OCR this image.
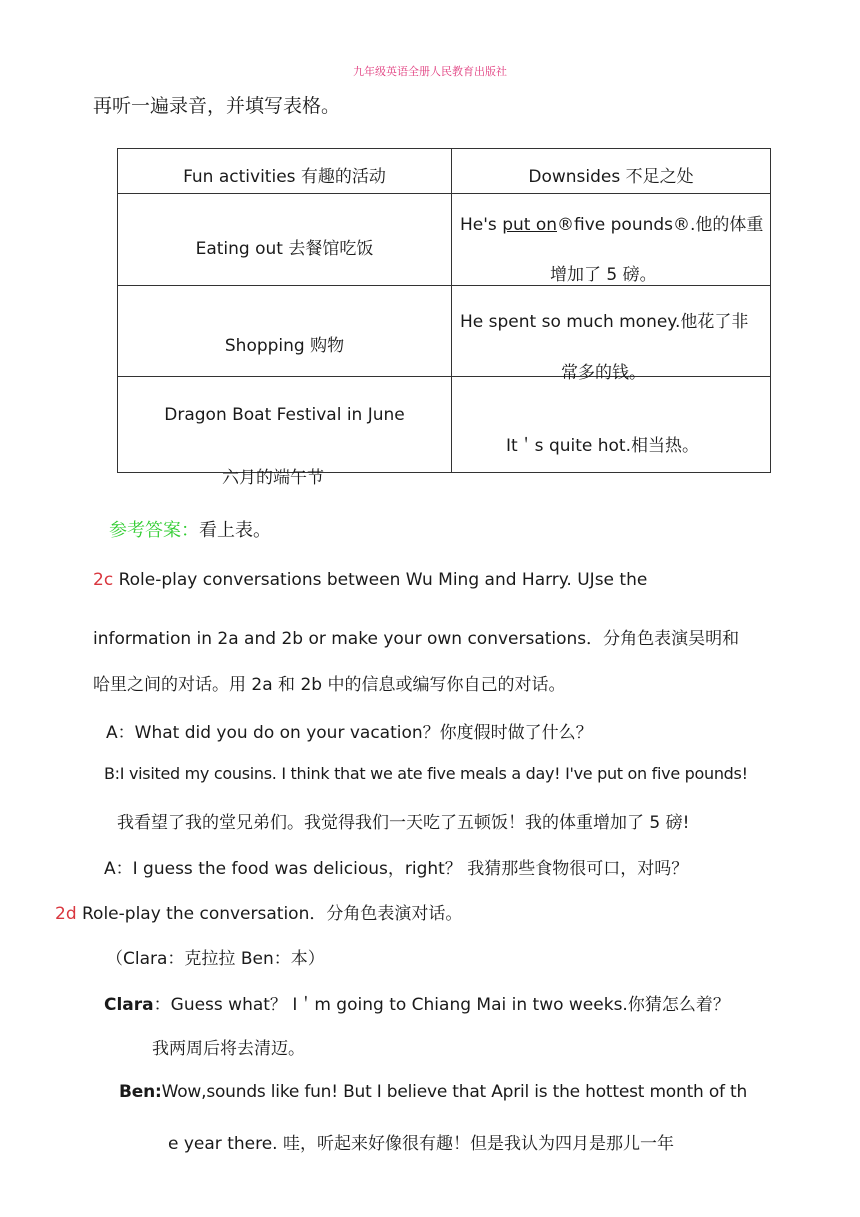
九年级英语全册人民教育出版社
再听一遍录音，并填写表格。
Fun activities 有趣的活动	Downsides 不足之处

Eating out 去餐馆吃饭	He's put on®five pounds®.他的体重
增加了 5 磅。

Shopping 购物	He spent so much money.他花了非
常多的钱。

Dragon Boat Festival in June
六月的端午节	It＇s quite hot.相当热。
参考答案：看上表。
2c Role-play conversations between Wu Ming and Harry. UJse the
information in 2a and 2b or make your own conversations．分角色表演吴明和
哈里之间的对话。用 2a 和 2b 中的信息或编写你自己的对话。
A：What did you do on your vacation？你度假时做了什么？
B:I visited my cousins. I think that we ate five meals a day! I've put on five pounds!
我看望了我的堂兄弟们。我觉得我们一天吃了五顿饭！我的体重增加了 5 磅!
A：I guess the food was delicious，right？ 我猜那些食物很可口，对吗？
2d Role-play the conversation．分角色表演对话。
（Clara：克拉拉 Ben：本）
Clara：Guess what？ I＇m going to Chiang Mai in two weeks.你猜怎么着？
我两周后将去清迈。
Ben:Wow,sounds like fun! But I believe that April is the hottest month of th
e year there. 哇，听起来好像很有趣！但是我认为四月是那儿一年
